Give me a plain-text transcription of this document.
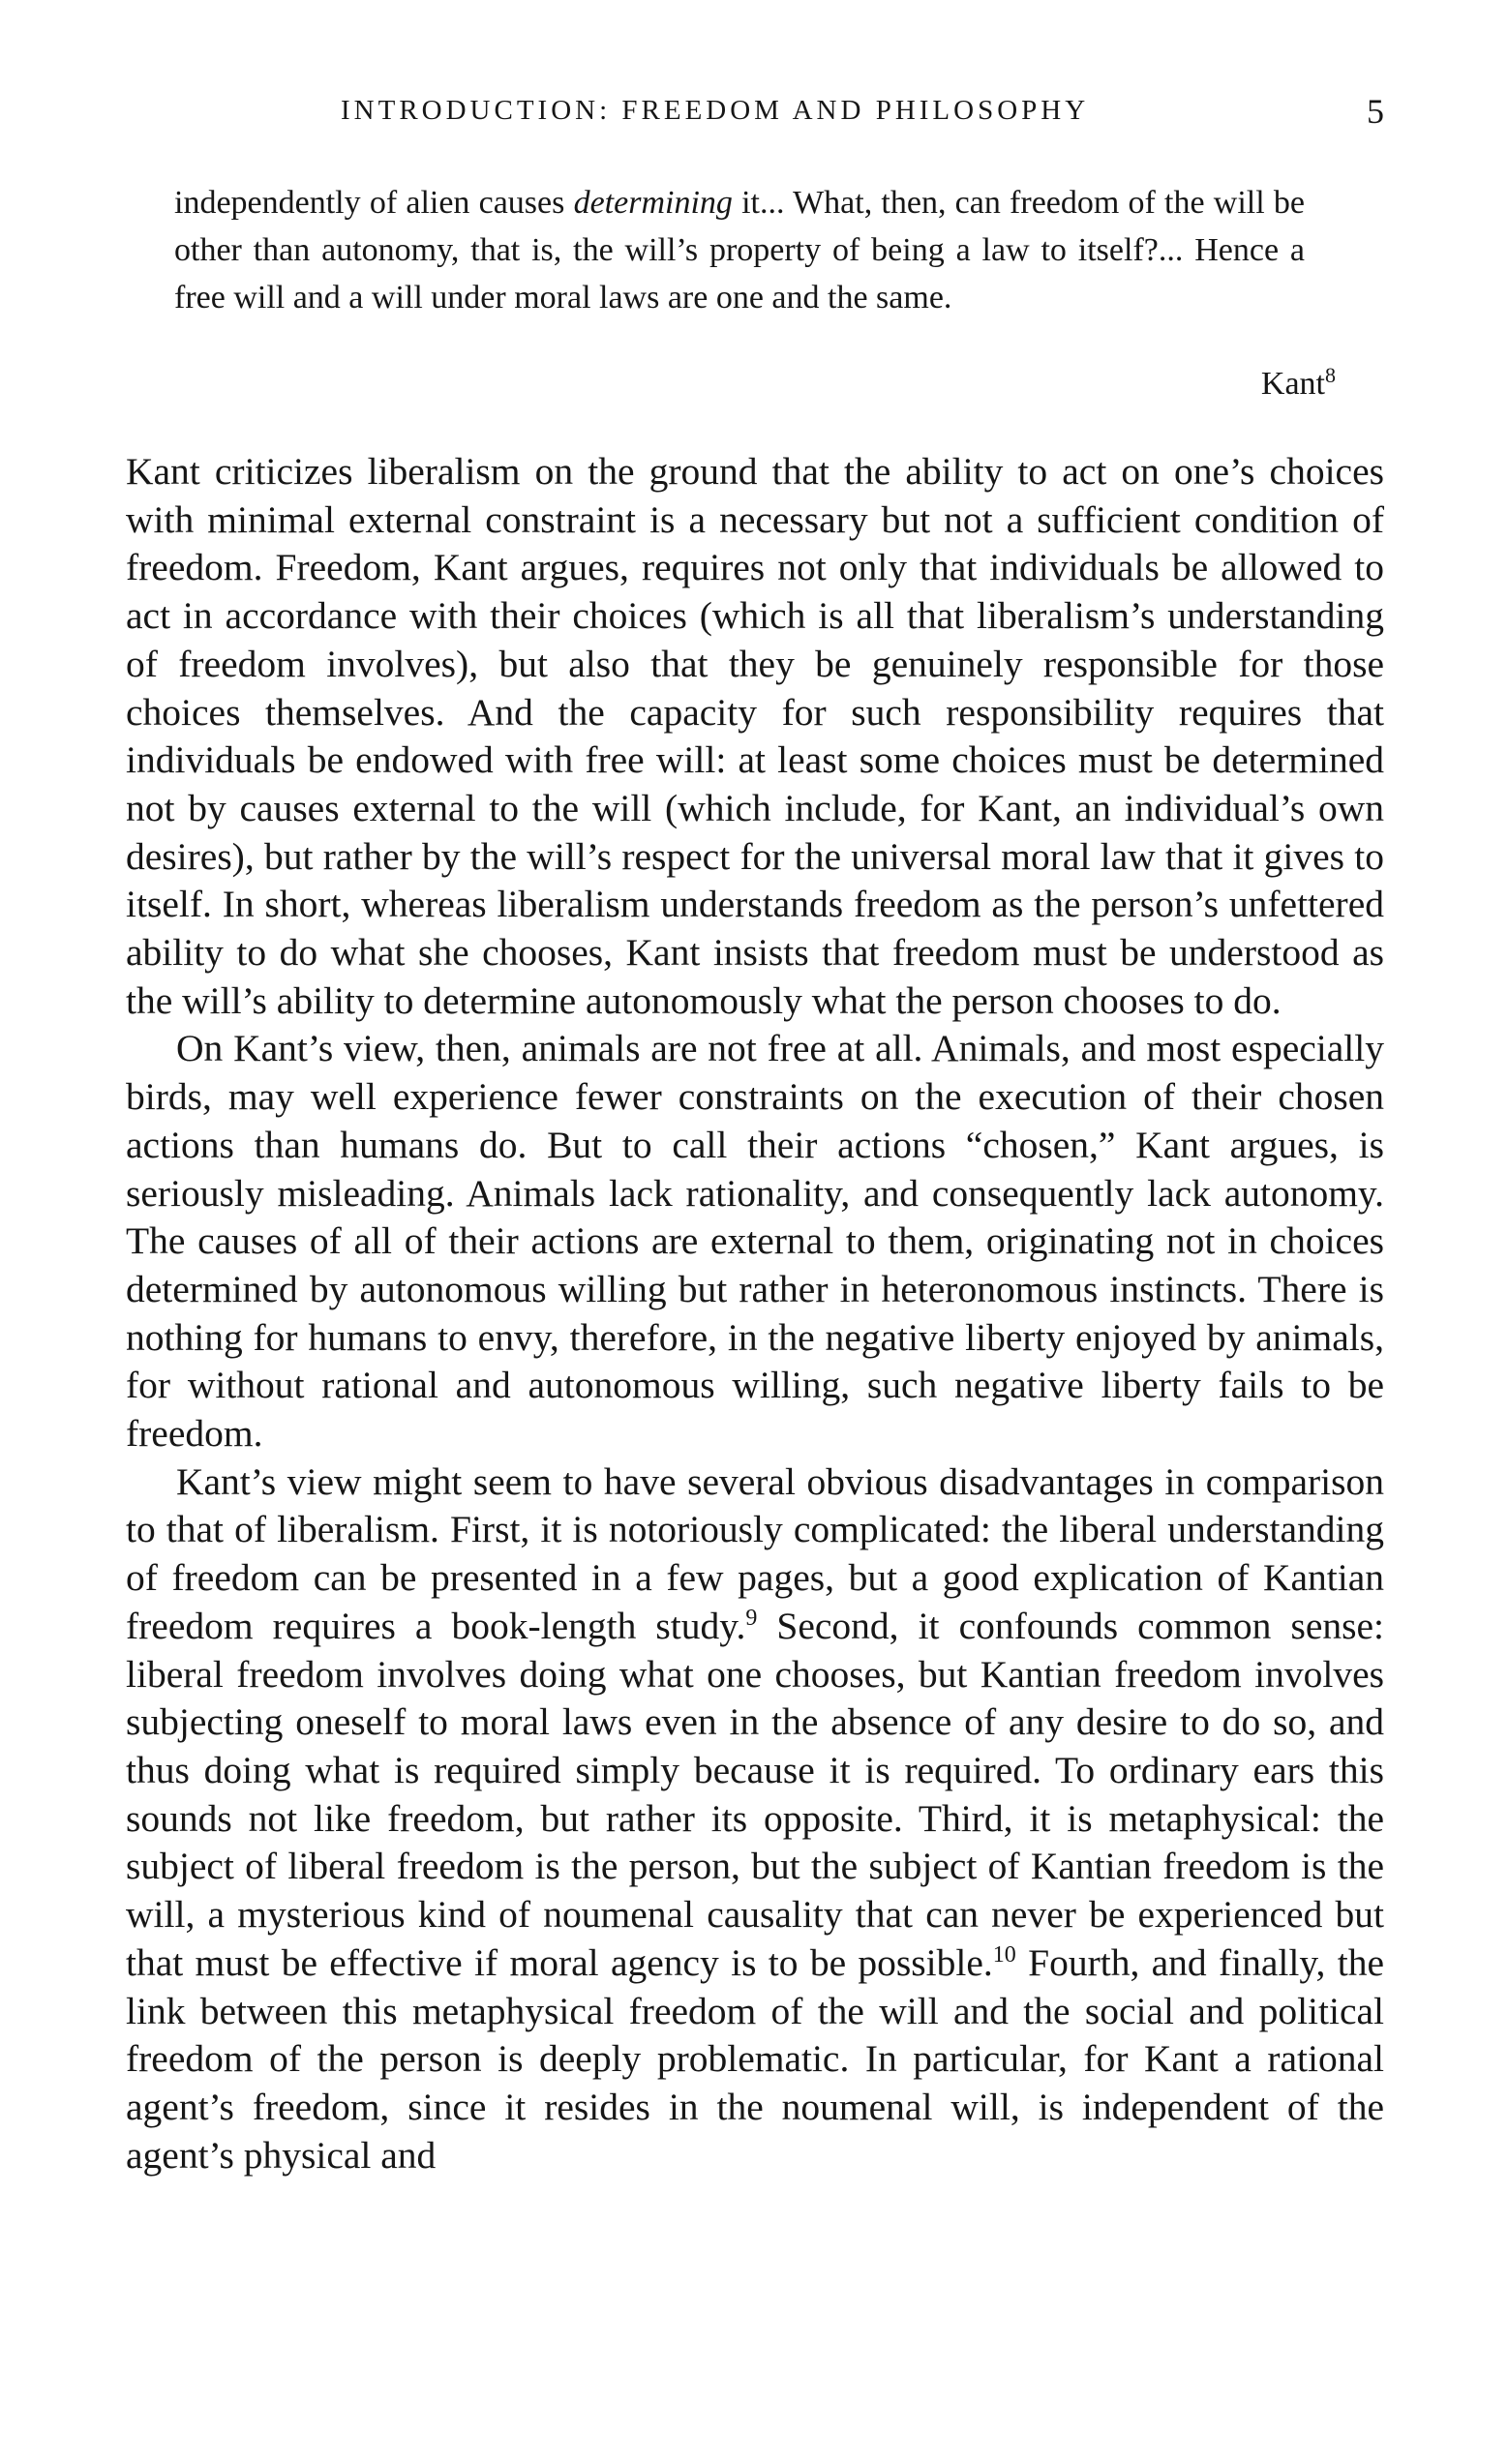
INTRODUCTION: FREEDOM AND PHILOSOPHY	5

independently of alien causes determining it... What, then, can freedom of the will be other than autonomy, that is, the will’s property of being a law to itself?... Hence a free will and a will under moral laws are one and the same.

Kant$^8$

Kant criticizes liberalism on the ground that the ability to act on one’s choices with minimal external constraint is a necessary but not a sufficient condition of freedom. Freedom, Kant argues, requires not only that individuals be allowed to act in accordance with their choices (which is all that liberalism’s understanding of freedom involves), but also that they be genuinely responsible for those choices themselves. And the capacity for such responsibility requires that individuals be endowed with free will: at least some choices must be determined not by causes external to the will (which include, for Kant, an individual’s own desires), but rather by the will’s respect for the universal moral law that it gives to itself. In short, whereas liberalism understands freedom as the person’s unfettered ability to do what she chooses, Kant insists that freedom must be understood as the will’s ability to determine autonomously what the person chooses to do.

On Kant’s view, then, animals are not free at all. Animals, and most especially birds, may well experience fewer constraints on the execution of their chosen actions than humans do. But to call their actions “chosen,” Kant argues, is seriously misleading. Animals lack rationality, and consequently lack autonomy. The causes of all of their actions are external to them, originating not in choices determined by autonomous willing but rather in heteronomous instincts. There is nothing for humans to envy, therefore, in the negative liberty enjoyed by animals, for without rational and autonomous willing, such negative liberty fails to be freedom.

Kant’s view might seem to have several obvious disadvantages in comparison to that of liberalism. First, it is notoriously complicated: the liberal understanding of freedom can be presented in a few pages, but a good explication of Kantian freedom requires a book-length study.$^9$ Second, it confounds common sense: liberal freedom involves doing what one chooses, but Kantian freedom involves subjecting oneself to moral laws even in the absence of any desire to do so, and thus doing what is required simply because it is required. To ordinary ears this sounds not like freedom, but rather its opposite. Third, it is metaphysical: the subject of liberal freedom is the person, but the subject of Kantian freedom is the will, a mysterious kind of noumenal causality that can never be experienced but that must be effective if moral agency is to be possible.$^{10}$ Fourth, and finally, the link between this metaphysical freedom of the will and the social and political freedom of the person is deeply problematic. In particular, for Kant a rational agent’s freedom, since it resides in the noumenal will, is independent of the agent’s physical and
